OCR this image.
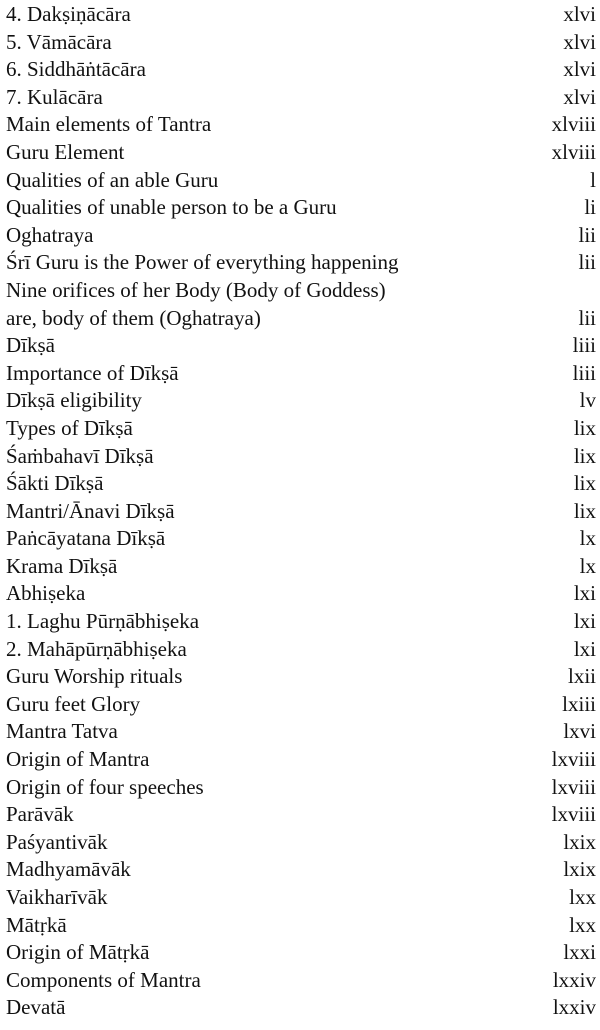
4. Dakṣiṇācāra	xlvi
5. Vāmācāra	xlvi
6. Siddhāṅtācāra	xlvi
7. Kulācāra	xlvi
Main elements of Tantra	xlviii
Guru Element	xlviii
Qualities of an able Guru	l
Qualities of unable person to be a Guru	li
Oghatraya	lii
Śrī Guru is the Power of everything happening	lii
Nine orifices of her Body (Body of Goddess)
are, body of them (Oghatraya)	lii
Dīkṣā	liii
Importance of Dīkṣā	liii
Dīkṣā eligibility	lv
Types of Dīkṣā	lix
Śaṁbahavī Dīkṣā	lix
Śākti Dīkṣā	lix
Mantri/Ānavi Dīkṣā	lix
Paṅcāyatana Dīkṣā	lx
Krama Dīkṣā	lx
Abhiṣeka	lxi
1. Laghu Pūrṇābhiṣeka	lxi
2. Mahāpūrṇābhiṣeka	lxi
Guru Worship rituals	lxii
Guru feet Glory	lxiii
Mantra Tatva	lxvi
Origin of Mantra	lxviii
Origin of four speeches	lxviii
Parāvāk	lxviii
Paśyantivāk	lxix
Madhyamāvāk	lxix
Vaikharīvāk	lxx
Mātṛkā	lxx
Origin of Mātṛkā	lxxi
Components of Mantra	lxxiv
Devatā	lxxiv
